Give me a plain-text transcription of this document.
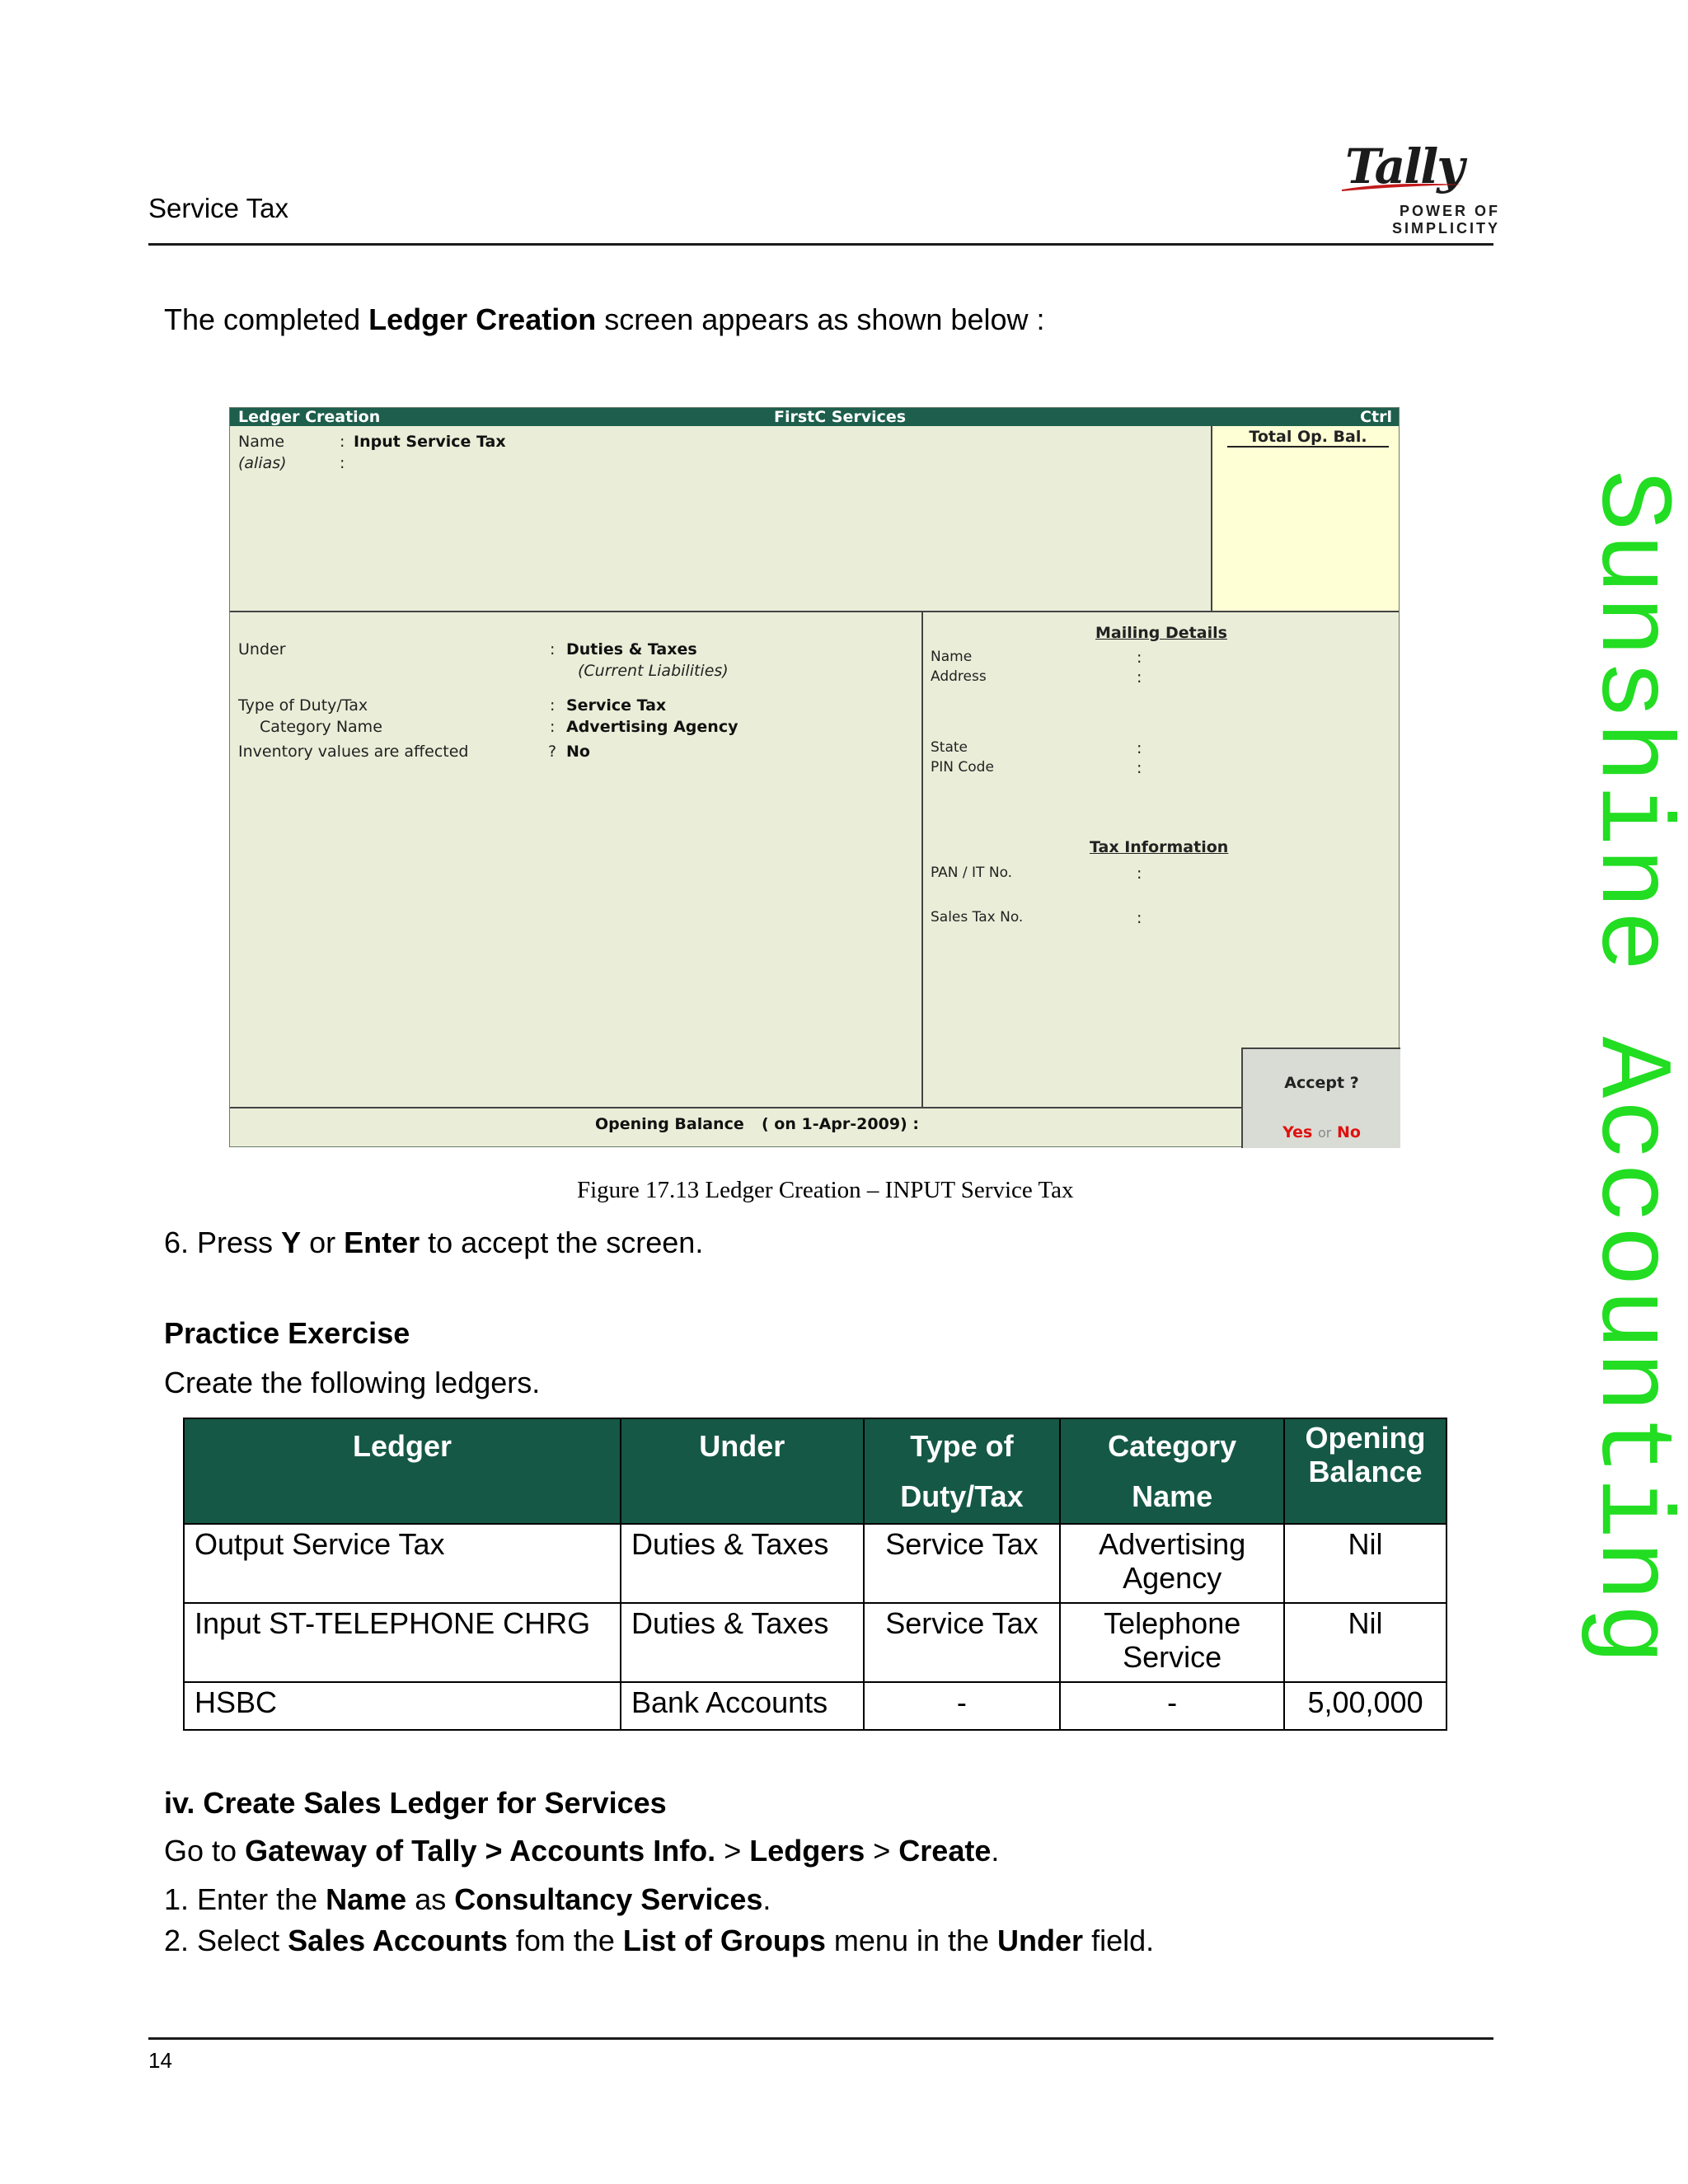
Service Tax
Tally
POWER OF SIMPLICITY
Sunshine Accounting
The completed Ledger Creation screen appears as shown below :
Ledger Creation	FirstC Services	Ctrl
Name	: Input Service Tax
(alias)	:
Total Op. Bal.
Under	: Duties & Taxes
(Current Liabilities)
Type of Duty/Tax	: Service Tax
Category Name	: Advertising Agency
Inventory values are affected	? No
Mailing Details
Name	:
Address	:
State	:
PIN Code	:
Tax Information
PAN / IT No.	:
Sales Tax No.	:
Opening Balance ( on 1-Apr-2009) :
Accept ?
Yes or No
Figure 17.13 Ledger Creation – INPUT Service Tax
6. Press Y or Enter to accept the screen.
Practice Exercise
Create the following ledgers.
Ledger	Under	Type of Duty/Tax	Category Name	Opening Balance
Output Service Tax	Duties & Taxes	Service Tax	Advertising Agency	Nil
Input ST-TELEPHONE CHRG	Duties & Taxes	Service Tax	Telephone Service	Nil
HSBC	Bank Accounts	-	-	5,00,000
iv. Create Sales Ledger for Services
Go to Gateway of Tally > Accounts Info. > Ledgers > Create.
1. Enter the Name as Consultancy Services.
2. Select Sales Accounts fom the List of Groups menu in the Under field.
14
